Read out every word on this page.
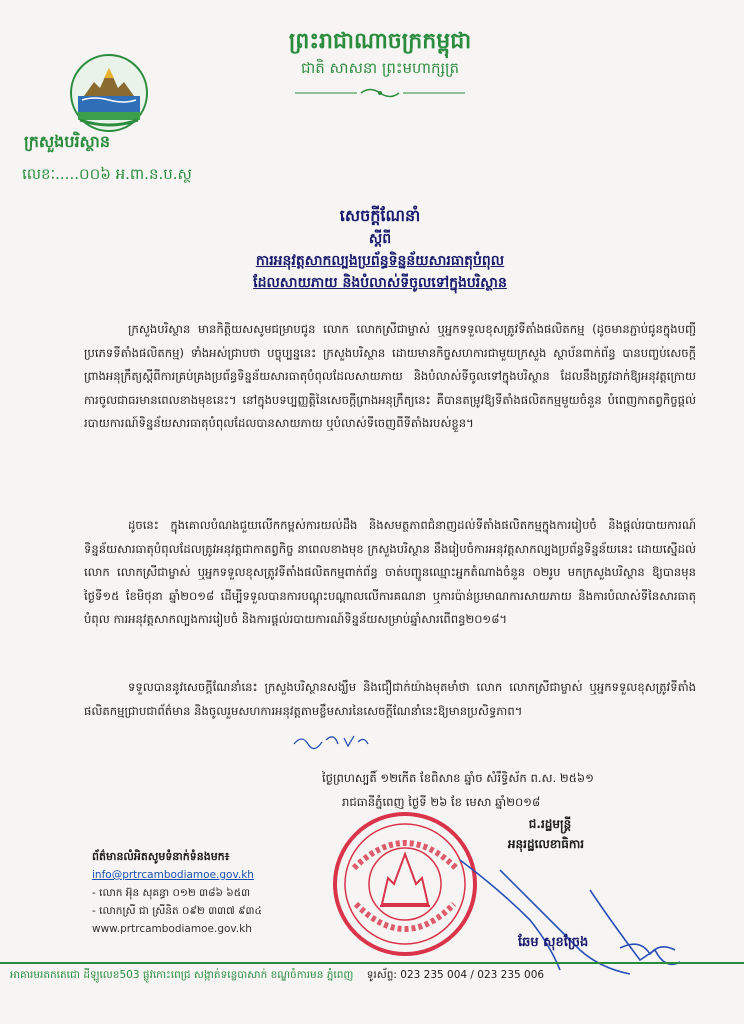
ព្រះរាជាណាចក្រកម្ពុជា
ជាតិ សាសនា ព្រះមហាក្សត្រ
ក្រសួងបរិស្ថាន
លេខៈ.....០០៦ អ.ពា.ន.ប.ស្ថ
សេចក្តីណែនាំ
ស្តីពី
ការអនុវត្តសាកល្បងប្រព័ន្ធទិន្នន័យសារធាតុបំពុល
ដែលសាយភាយ និងបំលាស់ទីចូលទៅក្នុងបរិស្ថាន
ក្រសួងបរិស្ថាន មានកិត្តិយសសូមជម្រាបជូន លោក លោកស្រីជាម្ចាស់ ឬអ្នកទទួលខុសត្រូវទីតាំងផលិតកម្ម (ដូចមានភ្ជាប់ជូនក្នុងបញ្ជីប្រភេទទីតាំងផលិតកម្ម) ទាំងអស់ជ្រាបថា បច្ចុប្បន្ននេះ ក្រសួងបរិស្ថាន ដោយមានកិច្ចសហការជាមួយក្រសួង ស្ថាប័នពាក់ព័ន្ធ បានបញ្ចប់សេចក្តីព្រាងអនុក្រឹត្យស្តីពីការគ្រប់គ្រងប្រព័ន្ធទិន្នន័យសារធាតុបំពុលដែលសាយភាយ និងបំលាស់ទីចូលទៅក្នុងបរិស្ថាន ដែលនឹងត្រូវដាក់ឱ្យអនុវត្តក្រោយការចូលជាធរមានពេលខាងមុខនេះ។ នៅក្នុងបទប្បញ្ញត្តិនៃសេចក្តីព្រាងអនុក្រឹត្យនេះ គឺបានតម្រូវឱ្យទីតាំងផលិតកម្មមួយចំនួន បំពេញកាតព្វកិច្ចផ្តល់របាយការណ៍ទិន្នន័យសារធាតុបំពុលដែលបានសាយភាយ ឬបំលាស់ទីចេញពីទីតាំងរបស់ខ្លួន។
ដូចនេះ ក្នុងគោលបំណងជួយលើកកម្ពស់ការយល់ដឹង និងសមត្ថភាពជំនាញដល់ទីតាំងផលិតកម្មក្នុងការរៀបចំ និងផ្តល់របាយការណ៍ទិន្នន័យសារធាតុបំពុលដែលត្រូវអនុវត្តជាកាតព្វកិច្ច នាពេលខាងមុខ ក្រសួងបរិស្ថាន នឹងរៀបចំការអនុវត្តសាកល្បងប្រព័ន្ធទិន្នន័យនេះ ដោយស្នើដល់លោក លោកស្រីជាម្ចាស់ ឬអ្នកទទួលខុសត្រូវទីតាំងផលិតកម្មពាក់ព័ន្ធ ចាត់បញ្ជូនឈ្មោះអ្នកតំណាងចំនួន ០២រូប មកក្រសួងបរិស្ថាន ឱ្យបានមុនថ្ងៃទី១៥ ខែមិថុនា ឆ្នាំ២០១៨ ដើម្បីទទួលបានការបណ្តុះបណ្តាលលើការគណនា ឬការប៉ាន់ប្រមាណការសាយភាយ និងការបំលាស់ទីនៃសារធាតុបំពុល ការអនុវត្តសាកល្បងការរៀបចំ និងការផ្តល់របាយការណ៍ទិន្នន័យសម្រាប់ឆ្នាំសារពើពន្ធ២០១៨។
ទទួលបាននូវសេចក្តីណែនាំនេះ ក្រសួងបរិស្ថានសង្ឃឹម និងជឿជាក់យ៉ាងមុតមាំថា លោក លោកស្រីជាម្ចាស់ ឬអ្នកទទួលខុសត្រូវទីតាំងផលិតកម្មជ្រាបជាព័ត៌មាន និងចូលរួមសហការអនុវត្តតាមខ្លឹមសារនៃសេចក្តីណែនាំនេះឱ្យមានប្រសិទ្ធភាព។
ថ្ងៃព្រហស្បតិ៍ ១២កើត ខែពិសាខ ឆ្នាំច សំរឹទ្ធិស័ក ព.ស. ២៥៦១
រាជធានីភ្នំពេញ ថ្ងៃទី ២៦ ខែ មេសា ឆ្នាំ២០១៨
ជ.រដ្ឋមន្ត្រី
អនុរដ្ឋលេខាធិការ
ឆែម សុខច្រែង
ព័ត៌មានលំអិតសូមទំនាក់ទំនងមក៖
info@prtrcambodiamoe.gov.kh
- លោក អ៊ុន សុគន្ធា ០១២ ៣៨៦ ៦៥៣
- លោកស្រី ជា ស្រីនិត ០៩២ ៣៣៧ ៩៣៤
www.prtrcambodiamoe.gov.kh
អាគារមរតកតេជោ ដីឡូលេខ503 ផ្លូវកោះពេជ្រ សង្កាត់ទន្លេបាសាក់ ខណ្ឌចំការមន ភ្នំពេញ ទូរស័ព្ទ: 023 235 004 / 023 235 006
